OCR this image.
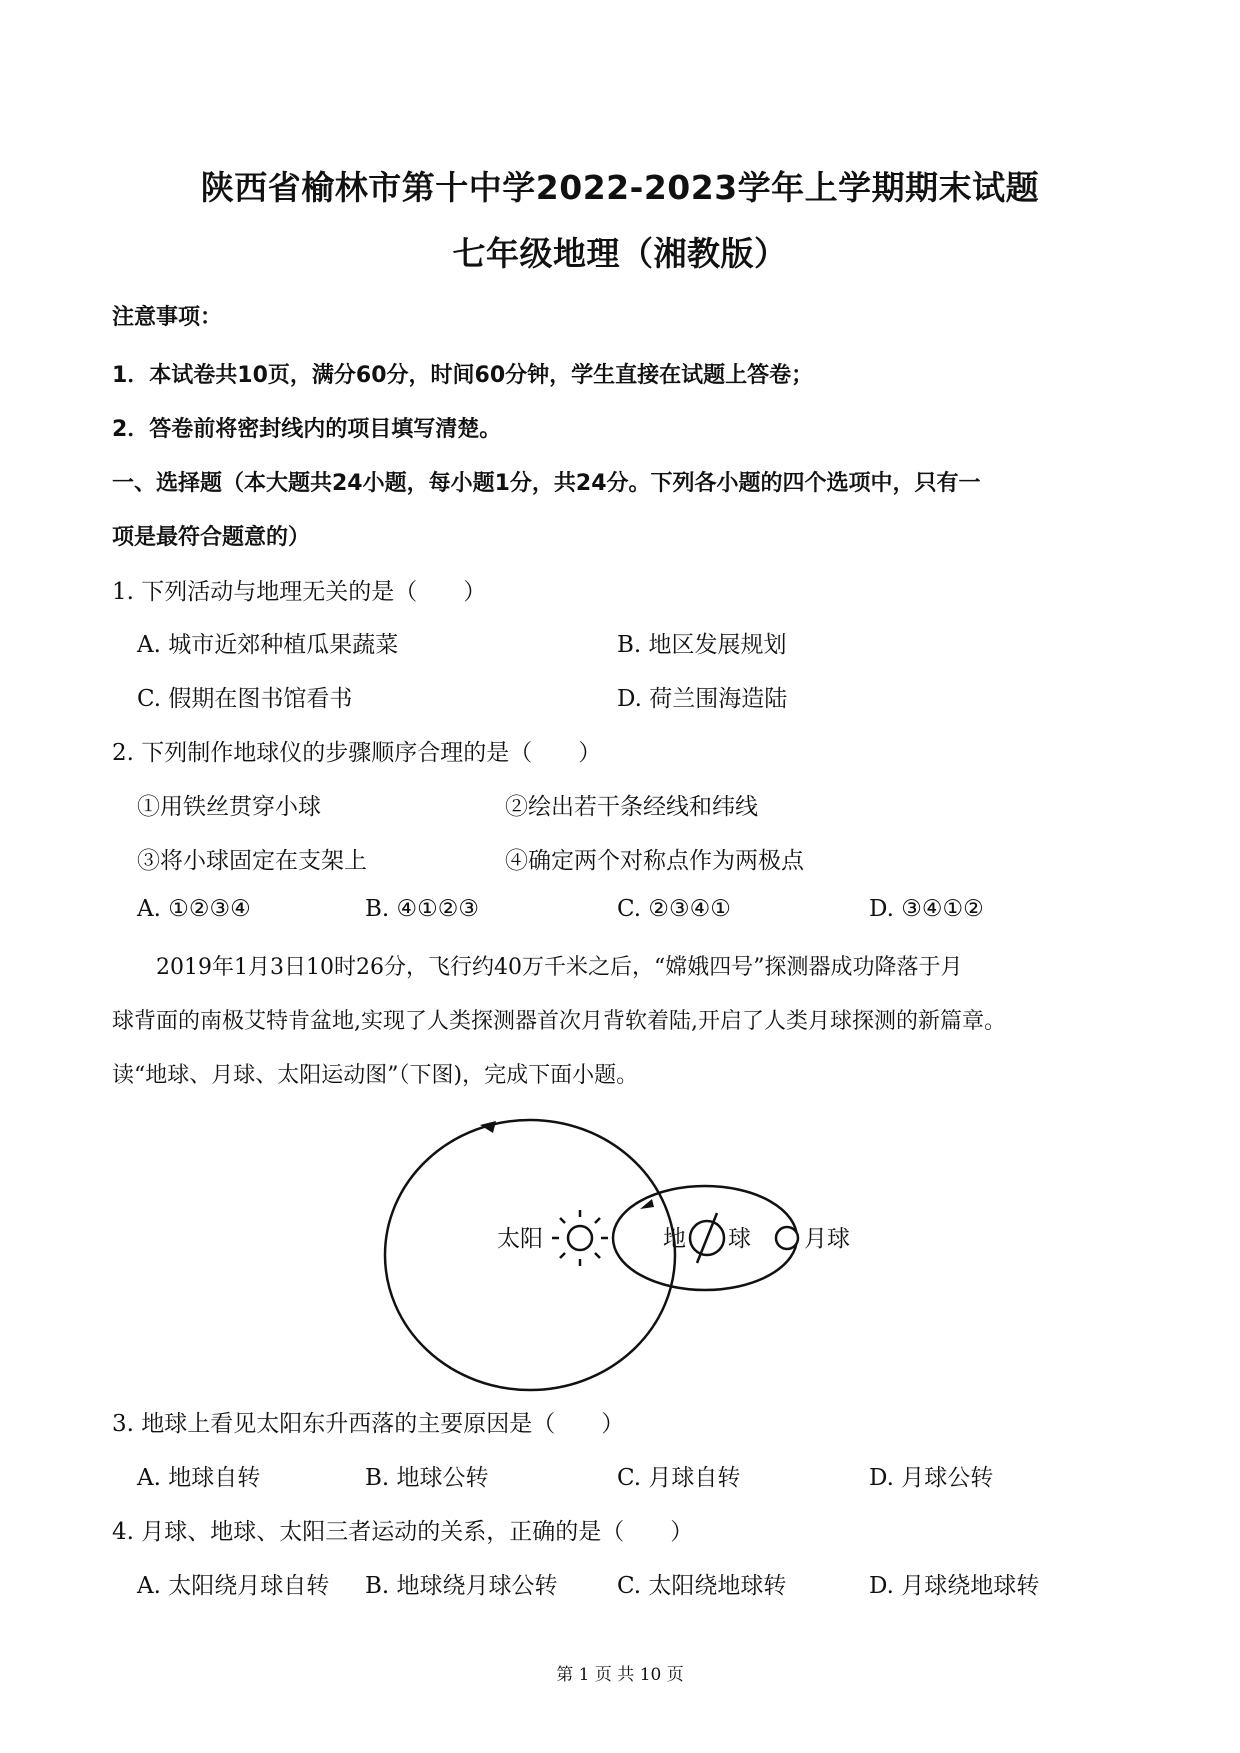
陕西省榆林市第十中学2022-2023学年上学期期末试题
七年级地理（湘教版）
注意事项：
1．本试卷共10页，满分60分，时间60分钟，学生直接在试题上答卷；
2．答卷前将密封线内的项目填写清楚。
一、选择题（本大题共24小题，每小题1分，共24分。下列各小题的四个选项中，只有一
项是最符合题意的）
1. 下列活动与地理无关的是（　　）
A. 城市近郊种植瓜果蔬菜	B. 地区发展规划
C. 假期在图书馆看书	D. 荷兰围海造陆
2. 下列制作地球仪的步骤顺序合理的是（　　）
①用铁丝贯穿小球	②绘出若干条经线和纬线
③将小球固定在支架上	④确定两个对称点作为两极点
A. ①②③④	B. ④①②③	C. ②③④①	D. ③④①②
2019年1月3日10时26分，飞行约40万千米之后，“嫦娥四号”探测器成功降落于月
球背面的南极艾特肯盆地,实现了人类探测器首次月背软着陆,开启了人类月球探测的新篇章。
读“地球、月球、太阳运动图”（下图)，完成下面小题。
太阳	地 球 月球
3. 地球上看见太阳东升西落的主要原因是（　　）
A. 地球自转	B. 地球公转	C. 月球自转	D. 月球公转
4. 月球、地球、太阳三者运动的关系，正确的是（　　）
A. 太阳绕月球自转 B. 地球绕月球公转	C. 太阳绕地球转	D. 月球绕地球转
第 1 页 共 10 页
